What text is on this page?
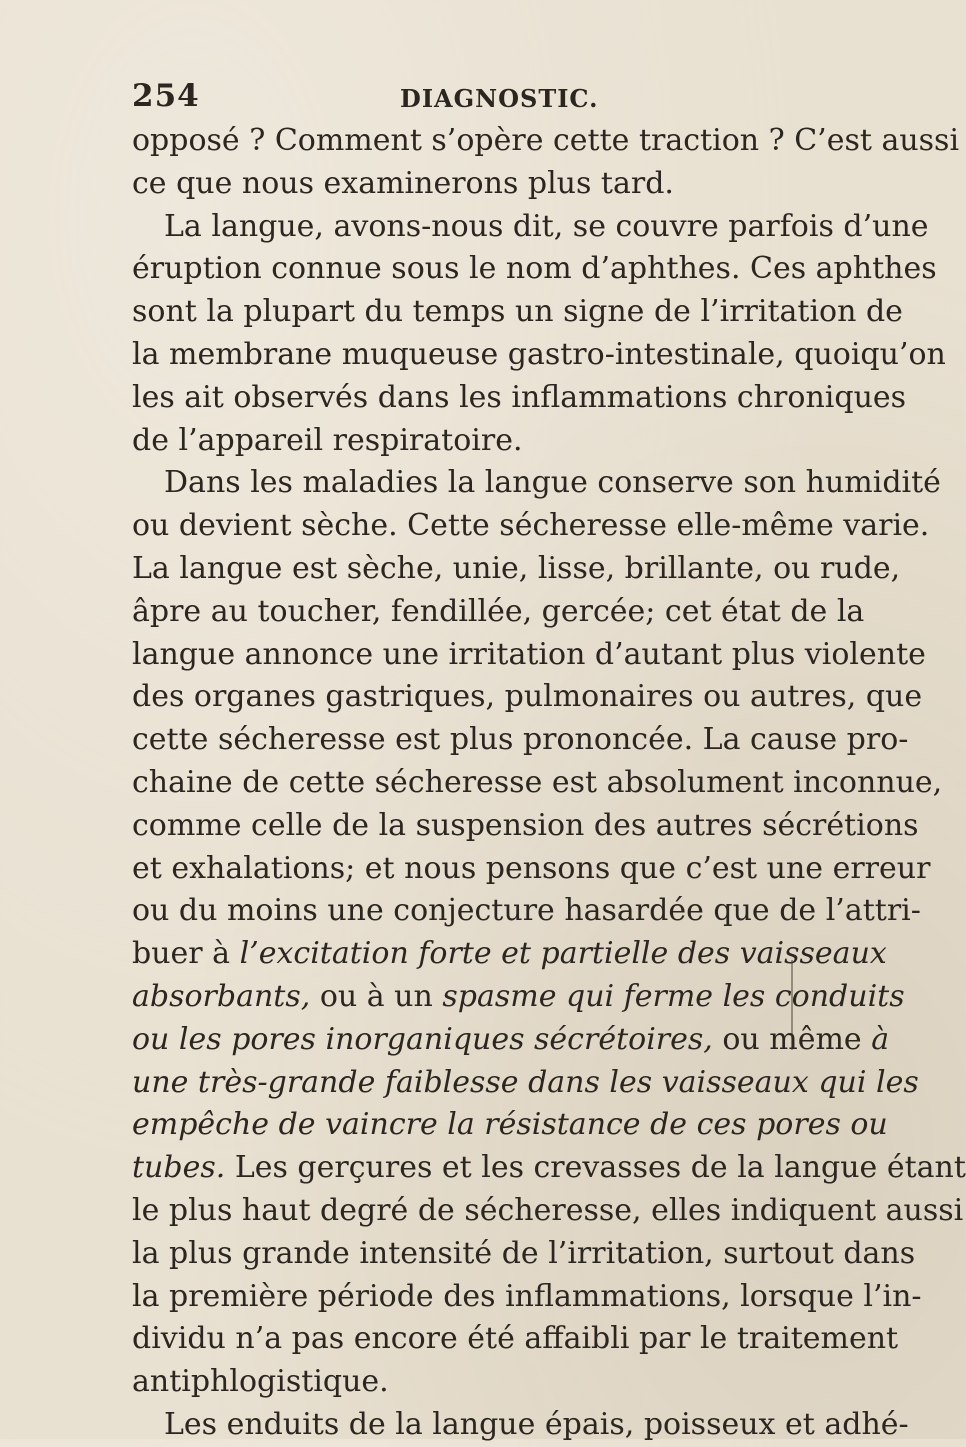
254	DIAGNOSTIC.
opposé ? Comment s’opère cette traction ? C’est aussi
ce que nous examinerons plus tard.
La langue, avons-nous dit, se couvre parfois d’une
éruption connue sous le nom d’aphthes. Ces aphthes
sont la plupart du temps un signe de l’irritation de
la membrane muqueuse gastro-intestinale, quoiqu’on
les ait observés dans les inflammations chroniques
de l’appareil respiratoire.
Dans les maladies la langue conserve son humidité
ou devient sèche. Cette sécheresse elle-même varie.
La langue est sèche, unie, lisse, brillante, ou rude,
âpre au toucher, fendillée, gercée; cet état de la
langue annonce une irritation d’autant plus violente
des organes gastriques, pulmonaires ou autres, que
cette sécheresse est plus prononcée. La cause pro-
chaine de cette sécheresse est absolument inconnue,
comme celle de la suspension des autres sécrétions
et exhalations; et nous pensons que c’est une erreur
ou du moins une conjecture hasardée que de l’attri-
buer à l’excitation forte et partielle des vaisseaux
absorbants, ou à un spasme qui ferme les conduits
ou les pores inorganiques sécrétoires, ou même à
une très-grande faiblesse dans les vaisseaux qui les
empêche de vaincre la résistance de ces pores ou
tubes. Les gerçures et les crevasses de la langue étant
le plus haut degré de sécheresse, elles indiquent aussi
la plus grande intensité de l’irritation, surtout dans
la première période des inflammations, lorsque l’in-
dividu n’a pas encore été affaibli par le traitement
antiphlogistique.
Les enduits de la langue épais, poisseux et adhé-
